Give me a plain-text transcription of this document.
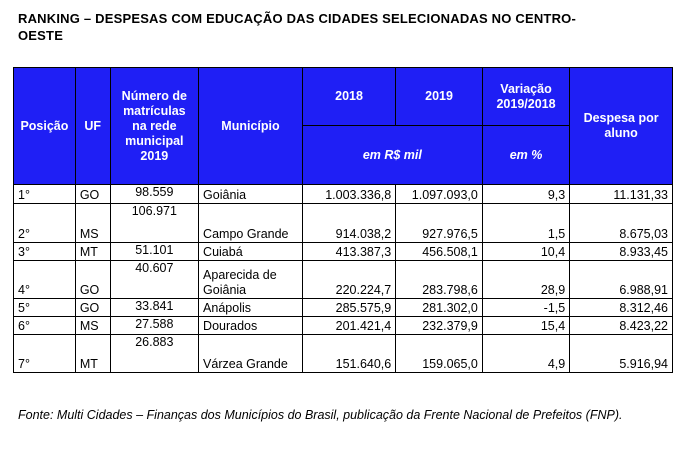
RANKING – DESPESAS COM EDUCAÇÃO DAS CIDADES SELECIONADAS NO CENTRO-OESTE
Posição	UF	Número de matrículas na rede municipal 2019	Município	2018	2019	Variação 2019/2018	Despesa por aluno
				em R$ mil		em %	
1°	GO	98.559	Goiânia	1.003.336,8	1.097.093,0	9,3	11.131,33
2°	MS	106.971	Campo Grande	914.038,2	927.976,5	1,5	8.675,03
3°	MT	51.101	Cuiabá	413.387,3	456.508,1	10,4	8.933,45
4°	GO	40.607	Aparecida de Goiânia	220.224,7	283.798,6	28,9	6.988,91
5°	GO	33.841	Anápolis	285.575,9	281.302,0	-1,5	8.312,46
6°	MS	27.588	Dourados	201.421,4	232.379,9	15,4	8.423,22
7°	MT	26.883	Várzea Grande	151.640,6	159.065,0	4,9	5.916,94
Fonte: Multi Cidades – Finanças dos Municípios do Brasil, publicação da Frente Nacional de Prefeitos (FNP).
